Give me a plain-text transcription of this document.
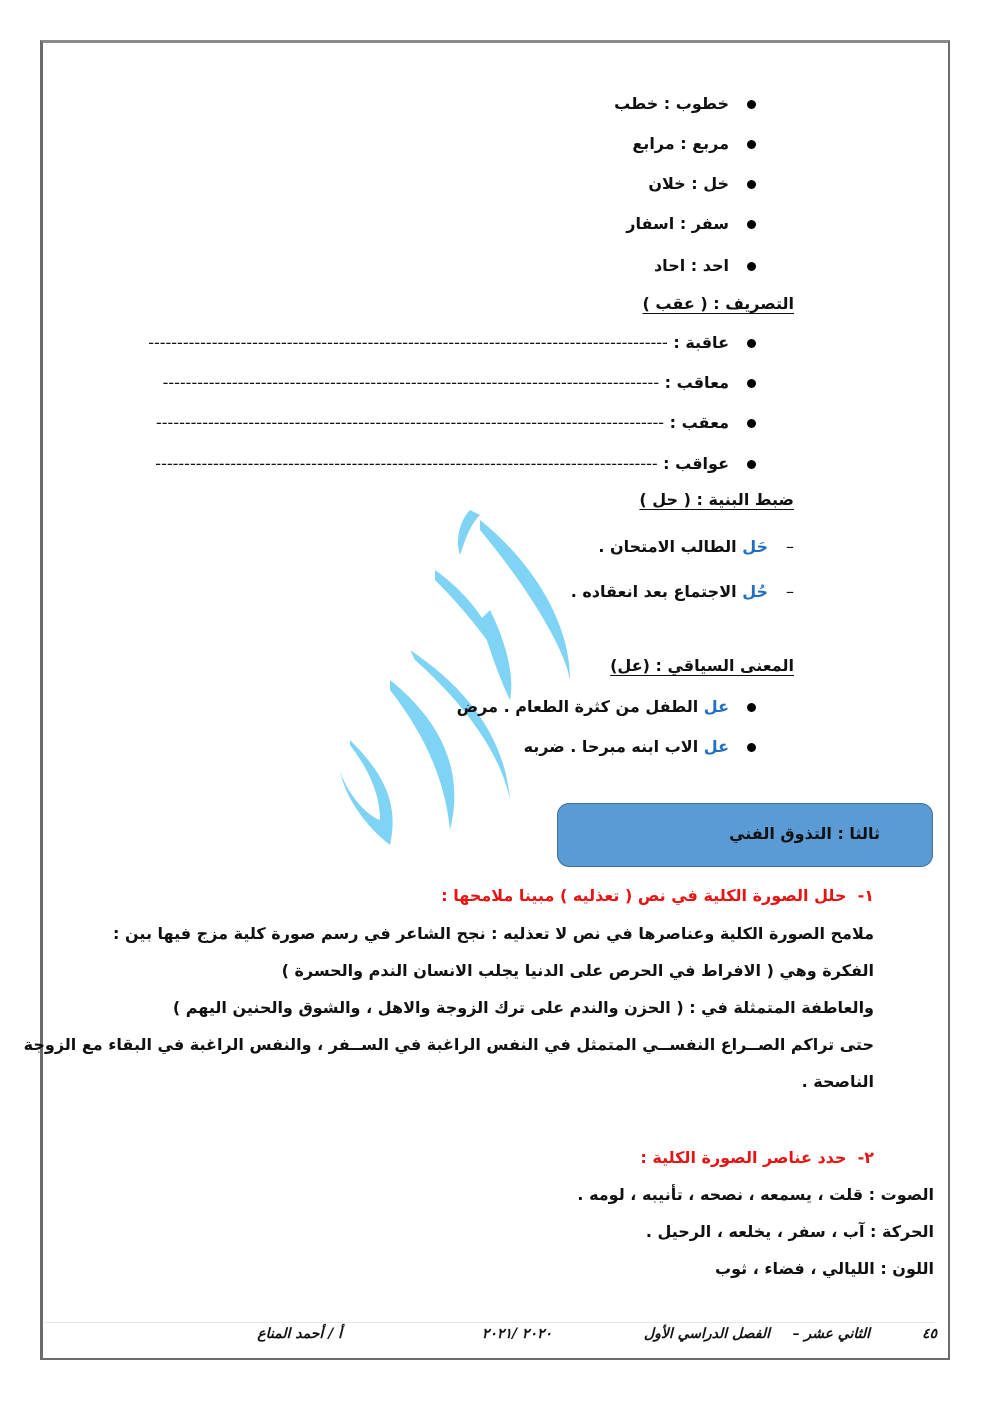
خطوب : خطب
مربع : مرابع
خل : خلان
سفر : اسفار
احد : احاد
التصريف : ( عقب )
عاقبة : ------------------------------------------------------------------------------------------
معاقب : --------------------------------------------------------------------------------------
معقب : ----------------------------------------------------------------------------------------
عواقب : ---------------------------------------------------------------------------------------
ضبط البنية : ( حل )
–حَل الطالب الامتحان .
–حُل الاجتماع بعد انعقاده .
المعنى السياقي : (عل)
عل الطفل من كثرة الطعام . مرض
عل الاب ابنه مبرحا . ضربه
ثالثا : التذوق الفني
١-  حلل الصورة الكلية في نص ( تعذليه ) مبينا ملامحها :
ملامح الصورة الكلية وعناصرها في نص لا تعذليه : نجح الشاعر في رسم صورة كلية مزج فيها بين :
الفكرة وهي ( الافراط في الحرص على الدنيا يجلب الانسان الندم والحسرة )
والعاطفة المتمثلة في : ( الحزن والندم على ترك الزوجة والاهل ، والشوق والحنين اليهم )
حتى تراكم الصــراع النفســي المتمثل في النفس الراغبة في الســفر ، والنفس الراغبة في البقاء مع الزوجة
الناصحة .
٢-  حدد عناصر الصورة الكلية :
الصوت : قلت ، يسمعه ، نصحه ، تأنيبه ، لومه .
الحركة : آب ، سفر ، يخلعه ، الرحيل .
اللون : الليالي ، فضاء ، ثوب
٤٥
الثاني عشر –
الفصل الدراسي الأول
٢٠٢٠ /٢٠٢١
أ / أحمد المناع
